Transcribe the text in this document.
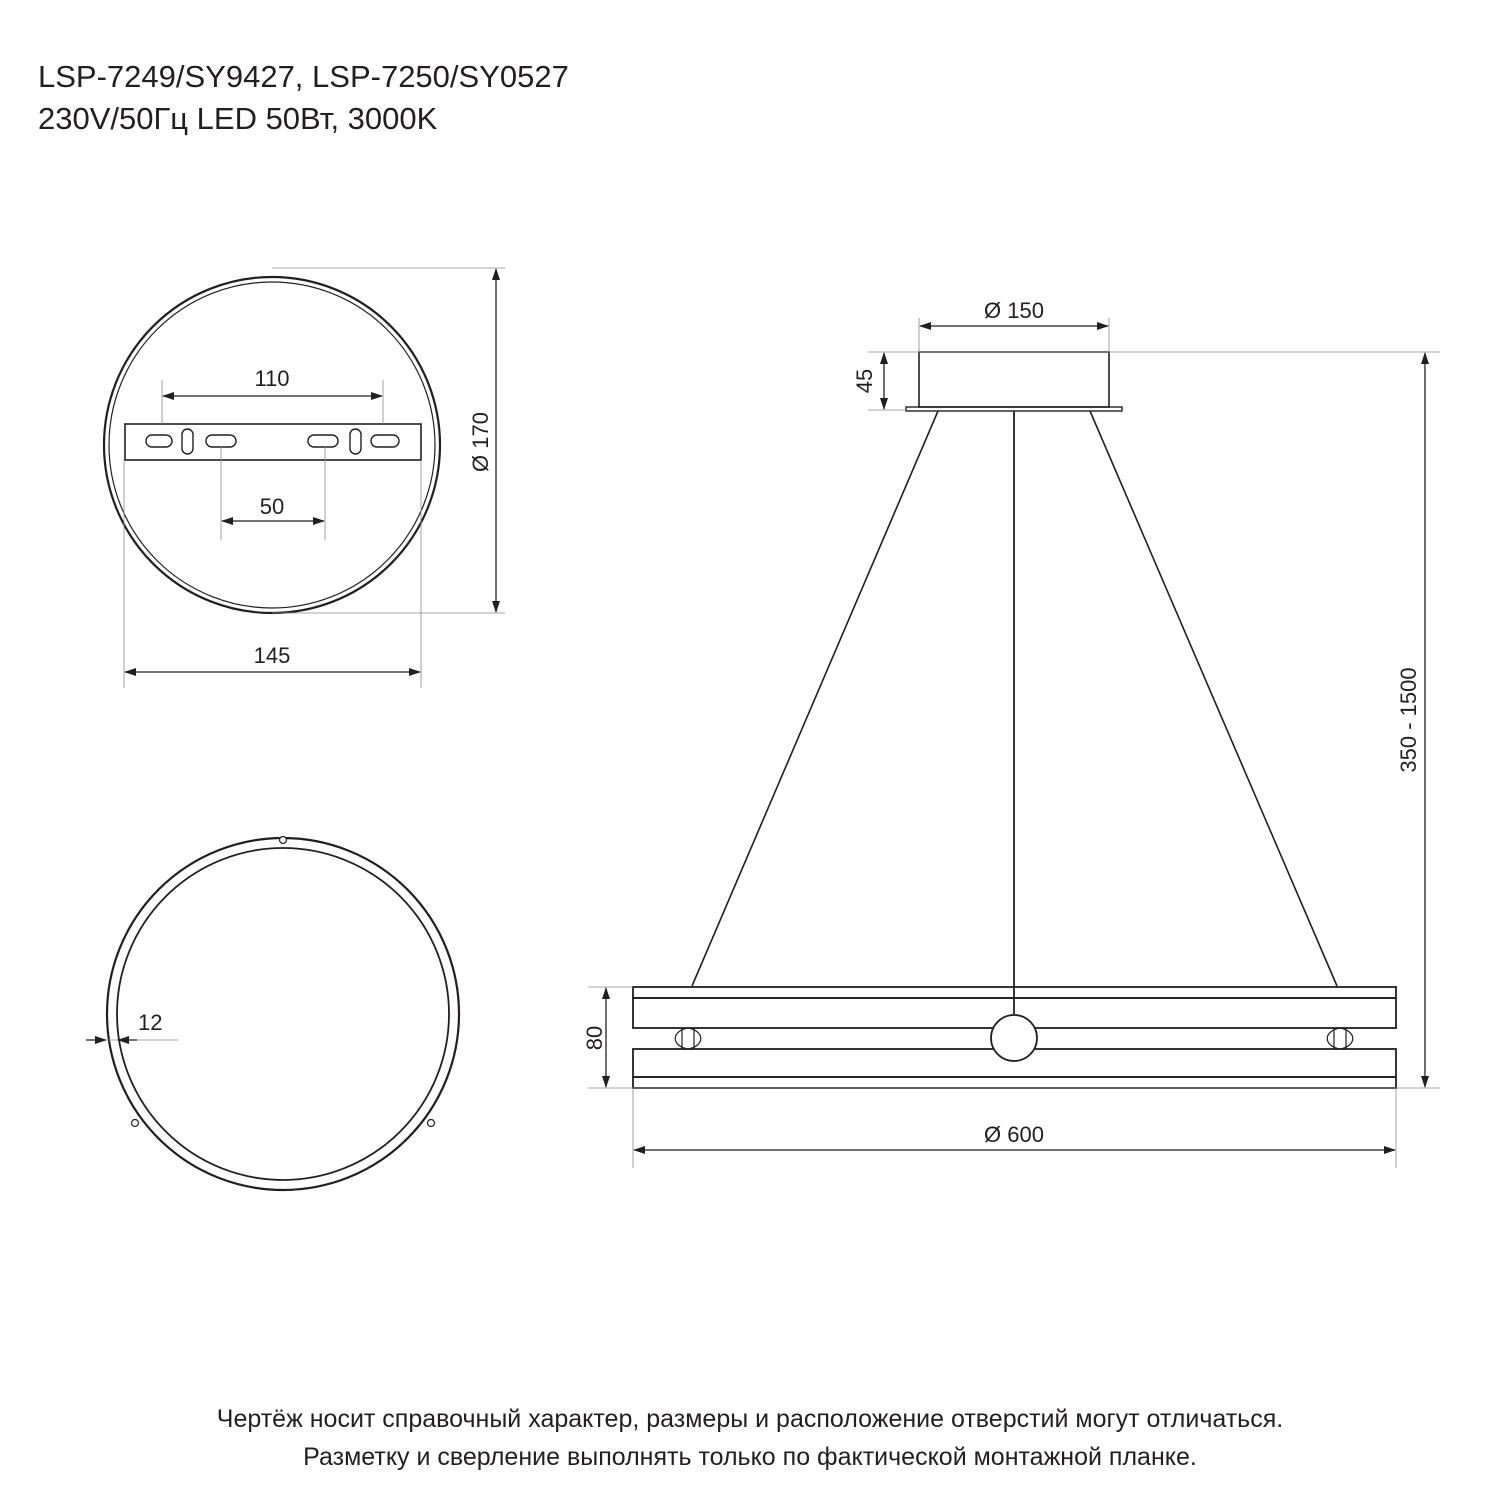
LSP-7249/SY9427, LSP-7250/SY0527
230V/50Гц LED 50Вт, 3000K
110
50
Ø 170
145
12
Ø 150
45
350 - 1500
80
Ø 600
Чертёж носит справочный характер, размеры и расположение отверстий могут отличаться.
Разметку и сверление выполнять только по фактической монтажной планке.
